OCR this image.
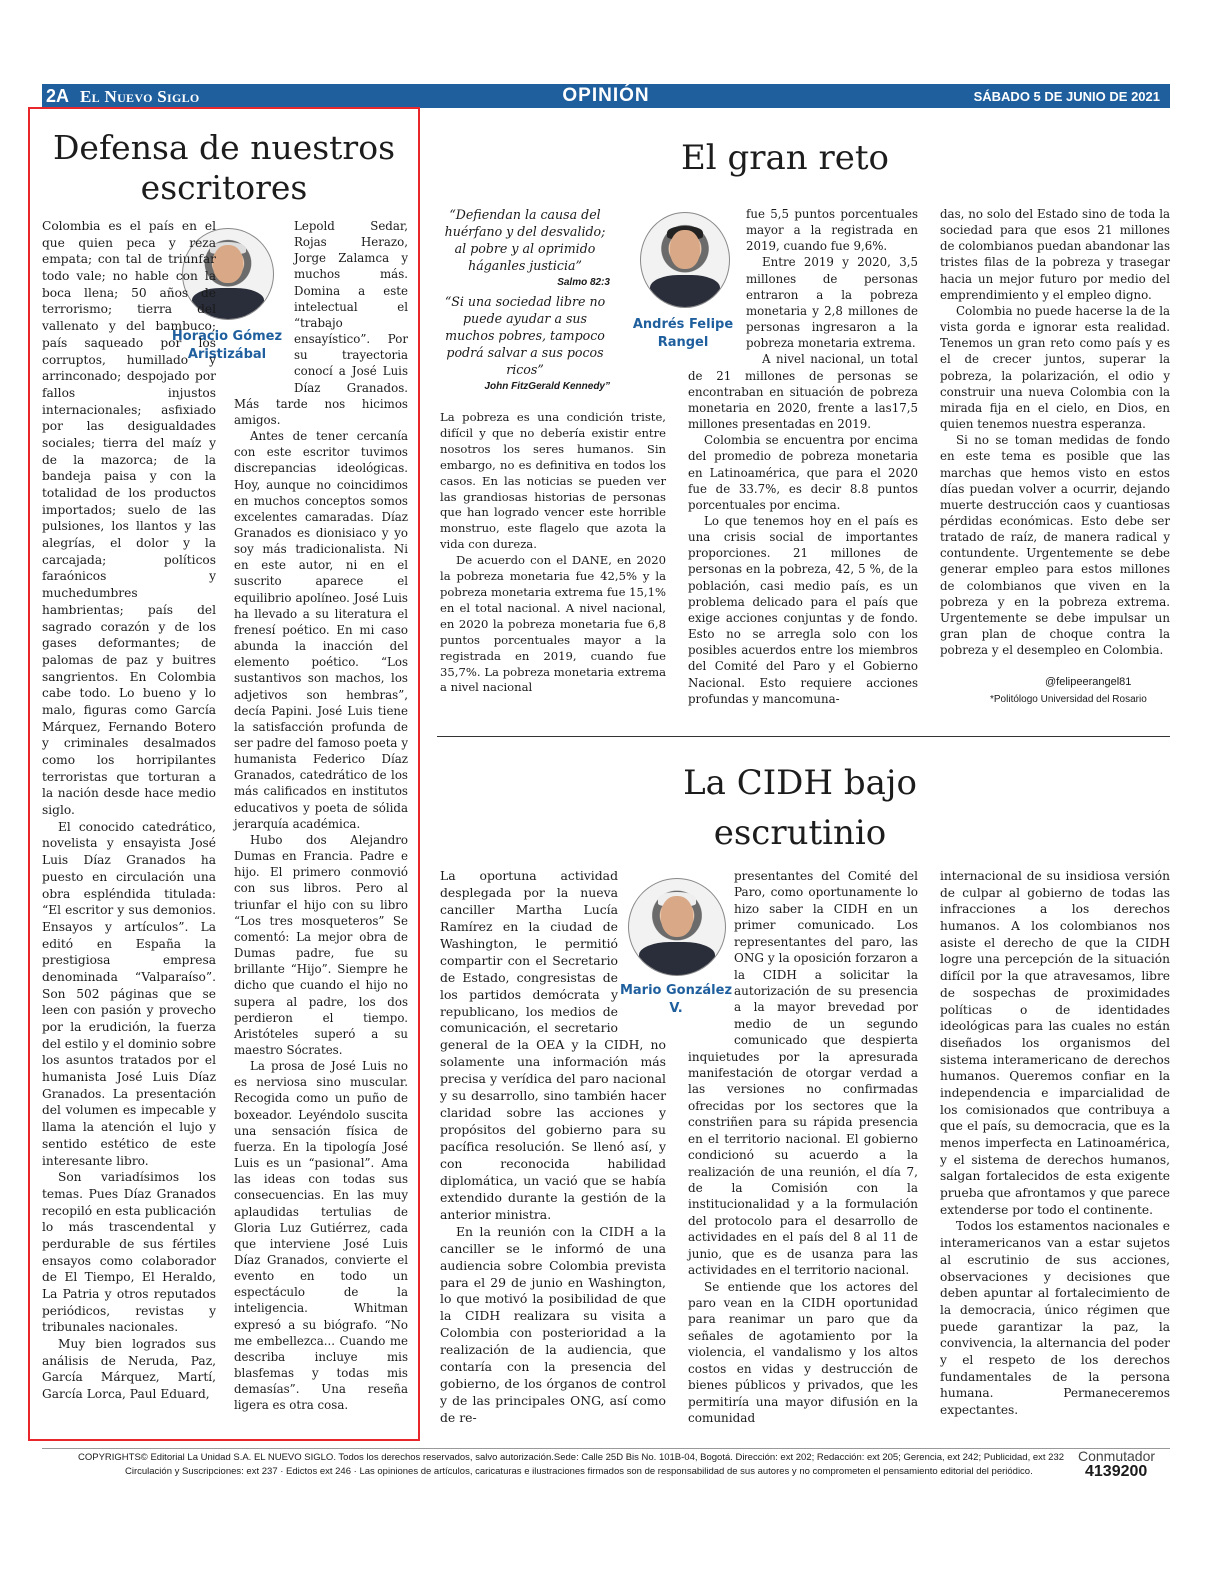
2A El Nuevo Siglo	OPINIÓN	SÁBADO 5 DE JUNIO DE 2021
Defensa de nuestros escritores
Horacio Gómez Aristizábal

Colombia es el país en el que quien peca y reza empata; con tal de triunfar todo vale; no hable con la boca llena; 50 años de terrorismo; tierra del vallenato y del bambuco; país saqueado por los corruptos, humillado y arrinconado; despojado por fallos injustos internacionales; asfixiado por las desigualdades sociales; tierra del maíz y de la mazorca; de la bandeja paisa y con la totalidad de los productos importados; suelo de las pulsiones, los llantos y las alegrías, el dolor y la carcajada; políticos faraónicos y muchedumbres hambrientas; país del sagrado corazón y de los gases deformantes; de palomas de paz y buitres sangrientos. En Colombia cabe todo. Lo bueno y lo malo, figuras como García Márquez, Fernando Botero y criminales desalmados como los horripilantes terroristas que torturan a la nación desde hace medio siglo.

El conocido catedrático, novelista y ensayista José Luis Díaz Granados ha puesto en circulación una obra espléndida titulada: “El escritor y sus demonios. Ensayos y artículos”. La editó en España la prestigiosa empresa denominada “Valparaíso”. Son 502 páginas que se leen con pasión y provecho por la erudición, la fuerza del estilo y el dominio sobre los asuntos tratados por el humanista José Luis Díaz Granados. La presentación del volumen es impecable y llama la atención el lujo y sentido estético de este interesante libro.

Son variadísimos los temas. Pues Díaz Granados recopiló en esta publicación lo más trascendental y perdurable de sus fértiles ensayos como colaborador de El Tiempo, El Heraldo, La Patria y otros reputados periódicos, revistas y tribunales nacionales.

Muy bien logrados sus análisis de Neruda, Paz, García Márquez, Martí, García Lorca, Paul Eduard,

Lepold Sedar, Rojas Herazo, Jorge Zalamca y muchos más. Domina a este intelectual el “trabajo ensayístico”. Por su trayectoria conocí a José Luis Díaz Granados. Más tarde nos hicimos amigos.

Antes de tener cercanía con este escritor tuvimos discrepancias ideológicas. Hoy, aunque no coincidimos en muchos conceptos somos excelentes camaradas. Díaz Granados es dionisiaco y yo soy más tradicionalista. Ni en este autor, ni en el suscrito aparece el equilibrio apolíneo. José Luis ha llevado a su literatura el frenesí poético. En mi caso abunda la inacción del elemento poético. “Los sustantivos son machos, los adjetivos son hembras”, decía Papini. José Luis tiene la satisfacción profunda de ser padre del famoso poeta y humanista Federico Díaz Granados, catedrático de los más calificados en institutos educativos y poeta de sólida jerarquía académica.

Hubo dos Alejandro Dumas en Francia. Padre e hijo. El primero conmovió con sus libros. Pero al triunfar el hijo con su libro “Los tres mosqueteros” Se comentó: La mejor obra de Dumas padre, fue su brillante “Hijo”. Siempre he dicho que cuando el hijo no supera al padre, los dos perdieron el tiempo. Aristóteles superó a su maestro Sócrates.

La prosa de José Luis no es nerviosa sino muscular. Recogida como un puño de boxeador. Leyéndolo suscita una sensación física de fuerza. En la tipología José Luis es un “pasional”. Ama las ideas con todas sus consecuencias. En las muy aplaudidas tertulias de Gloria Luz Gutiérrez, cada que interviene José Luis Díaz Granados, convierte el evento en todo un espectáculo de la inteligencia. Whitman expresó a su biógrafo. “No me embellezca... Cuando me describa incluye mis blasfemas y todas mis demasías”. Una reseña ligera es otra cosa.

El gran reto
“Defiendan la causa del huérfano y del desvalido; al pobre y al oprimido háganles justicia”
Salmo 82:3
“Si una sociedad libre no puede ayudar a sus muchos pobres, tampoco podrá salvar a sus pocos ricos”
John FitzGerald Kennedy”
Andrés Felipe Rangel

La pobreza es una condición triste, difícil y que no debería existir entre nosotros los seres humanos. Sin embargo, no es definitiva en todos los casos. En las noticias se pueden ver las grandiosas historias de personas que han logrado vencer este horrible monstruo, este flagelo que azota la vida con dureza.

De acuerdo con el DANE, en 2020 la pobreza monetaria fue 42,5% y la pobreza monetaria extrema fue 15,1% en el total nacional. A nivel nacional, en 2020 la pobreza monetaria fue 6,8 puntos porcentuales mayor a la registrada en 2019, cuando fue 35,7%. La pobreza monetaria extrema a nivel nacional

fue 5,5 puntos porcentuales mayor a la registrada en 2019, cuando fue 9,6%.

Entre 2019 y 2020, 3,5 millones de personas entraron a la pobreza monetaria y 2,8 millones de personas ingresaron a la pobreza monetaria extrema.

A nivel nacional, un total de 21 millones de personas se encontraban en situación de pobreza monetaria en 2020, frente a las17,5 millones presentadas en 2019.

Colombia se encuentra por encima del promedio de pobreza monetaria en Latinoamérica, que para el 2020 fue de 33.7%, es decir 8.8 puntos porcentuales por encima.

Lo que tenemos hoy en el país es una crisis social de importantes proporciones. 21 millones de personas en la pobreza, 42, 5 %, de la población, casi medio país, es un problema delicado para el país que exige acciones conjuntas y de fondo. Esto no se arregla solo con los posibles acuerdos entre los miembros del Comité del Paro y el Gobierno Nacional. Esto requiere acciones profundas y mancomuna-

das, no solo del Estado sino de toda la sociedad para que esos 21 millones de colombianos puedan abandonar las tristes filas de la pobreza y trasegar hacia un mejor futuro por medio del emprendimiento y el empleo digno.

Colombia no puede hacerse la de la vista gorda e ignorar esta realidad. Tenemos un gran reto como país y es el de crecer juntos, superar la pobreza, la polarización, el odio y construir una nueva Colombia con la mirada fija en el cielo, en Dios, en quien tenemos nuestra esperanza.

Si no se toman medidas de fondo en este tema es posible que las marchas que hemos visto en estos días puedan volver a ocurrir, dejando muerte destrucción caos y cuantiosas pérdidas económicas. Esto debe ser tratado de raíz, de manera radical y contundente. Urgentemente se debe generar empleo para estos millones de colombianos que viven en la pobreza y en la pobreza extrema. Urgentemente se debe impulsar un gran plan de choque contra la pobreza y el desempleo en Colombia.

@felipeerangel81
*Politólogo Universidad del Rosario
La CIDH bajo escrutinio
Mario González V.

La oportuna actividad desplegada por la nueva canciller Martha Lucía Ramírez en la ciudad de Washington, le permitió compartir con el Secretario de Estado, congresistas de los partidos demócrata y republicano, los medios de comunicación, el secretario general de la OEA y la CIDH, no solamente una información más precisa y verídica del paro nacional y su desarrollo, sino también hacer claridad sobre las acciones y propósitos del gobierno para su pacífica resolución. Se llenó así, y con reconocida habilidad diplomática, un vació que se había extendido durante la gestión de la anterior ministra.

En la reunión con la CIDH a la canciller se le informó de una audiencia sobre Colombia prevista para el 29 de junio en Washington, lo que motivó la posibilidad de que la CIDH realizara su visita a Colombia con posterioridad a la realización de la audiencia, que contaría con la presencia del gobierno, de los órganos de control y de las principales ONG, así como de re-

presentantes del Comité del Paro, como oportunamente lo hizo saber la CIDH en un primer comunicado. Los representantes del paro, las ONG y la oposición forzaron a la CIDH a solicitar la autorización de su presencia a la mayor brevedad por medio de un segundo comunicado que despierta inquietudes por la apresurada manifestación de otorgar verdad a las versiones no confirmadas ofrecidas por los sectores que la constriñen para su rápida presencia en el territorio nacional. El gobierno condicionó su acuerdo a la realización de una reunión, el día 7, de la Comisión con la institucionalidad y a la formulación del protocolo para el desarrollo de actividades en el país del 8 al 11 de junio, que es de usanza para las actividades en el territorio nacional.

Se entiende que los actores del paro vean en la CIDH oportunidad para reanimar un paro que da señales de agotamiento por la violencia, el vandalismo y los altos costos en vidas y destrucción de bienes públicos y privados, que les permitiría una mayor difusión en la comunidad

internacional de su insidiosa versión de culpar al gobierno de todas las infracciones a los derechos humanos. A los colombianos nos asiste el derecho de que la CIDH logre una percepción de la situación difícil por la que atravesamos, libre de sospechas de proximidades políticas o de identidades ideológicas para las cuales no están diseñados los organismos del sistema interamericano de derechos humanos. Queremos confiar en la independencia e imparcialidad de los comisionados que contribuya a que el país, su democracia, que es la menos imperfecta en Latinoamérica, y el sistema de derechos humanos, salgan fortalecidos de esta exigente prueba que afrontamos y que parece extenderse por todo el continente.

Todos los estamentos nacionales e interamericanos van a estar sujetos al escrutinio de sus acciones, observaciones y decisiones que deben apuntar al fortalecimiento de la democracia, único régimen que puede garantizar la paz, la convivencia, la alternancia del poder y el respeto de los derechos fundamentales de la persona humana. Permaneceremos expectantes.

COPYRIGHTS© Editorial La Unidad S.A. EL NUEVO SIGLO. Todos los derechos reservados, salvo autorización.Sede: Calle 25D Bis No. 101B-04, Bogotá. Dirección: ext 202; Redacción: ext 205; Gerencia, ext 242; Publicidad, ext 232
Circulación y Suscripciones: ext 237 · Edictos ext 246 · Las opiniones de artículos, caricaturas e ilustraciones firmados son de responsabilidad de sus autores y no comprometen el pensamiento editorial del periódico.
Conmutador
4139200
